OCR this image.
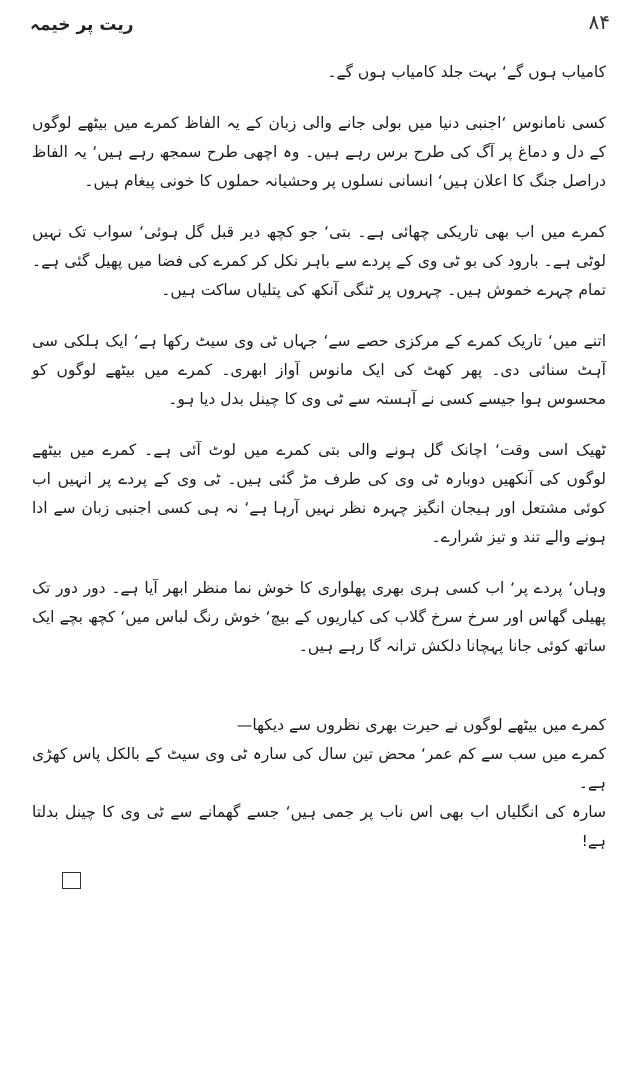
ریت پر خیمہ	۸۴

کامیاب ہوں گے‘ بہت جلد کامیاب ہوں گے۔

کسی نامانوس ‘اجنبی دنیا میں بولی جانے والی زبان کے یہ الفاظ کمرے میں بیٹھے لوگوں کے دل و دماغ پر آگ کی طرح برس رہے ہیں۔ وہ اچھی طرح سمجھ رہے ہیں‘ یہ الفاظ دراصل جنگ کا اعلان ہیں‘ انسانی نسلوں پر وحشیانہ حملوں کا خونی پیغام ہیں۔

کمرے میں اب بھی تاریکی چھائی ہے۔ بتی‘ جو کچھ دیر قبل گل ہوئی‘ سواب تک نہیں لوٹی ہے۔ بارود کی بو ٹی وی کے پردے سے باہر نکل کر کمرے کی فضا میں پھیل گئی ہے۔ تمام چہرے خموش ہیں۔ چہروں پر ٹنگی آنکھ کی پتلیاں ساکت ہیں۔

اتنے میں‘ تاریک کمرے کے مرکزی حصے سے‘ جہاں ٹی وی سیٹ رکھا ہے‘ ایک ہلکی سی آہٹ سنائی دی۔ پھر کھٹ کی ایک مانوس آواز ابھری۔ کمرے میں بیٹھے لوگوں کو محسوس ہوا جیسے کسی نے آہستہ سے ٹی وی کا چینل بدل دیا ہو۔

ٹھیک اسی وقت‘ اچانک گل ہونے والی بتی کمرے میں لوٹ آئی ہے۔ کمرے میں بیٹھے لوگوں کی آنکھیں دوبارہ ٹی وی کی طرف مڑ گئی ہیں۔ ٹی وی کے پردے پر انہیں اب کوئی مشتعل اور ہیجان انگیز چہرہ نظر نہیں آرہا ہے‘ نہ ہی کسی اجنبی زبان سے ادا ہونے والے تند و تیز شرارے۔

وہاں‘ پردے پر‘ اب کسی ہری بھری پھلواری کا خوش نما منظر ابھر آیا ہے۔ دور دور تک پھیلی گھاس اور سرخ سرخ گلاب کی کیاریوں کے بیچ‘ خوش رنگ لباس میں‘ کچھ بچے ایک ساتھ کوئی جانا پہچانا دلکش ترانہ گا رہے ہیں۔

کمرے میں بیٹھے لوگوں نے حیرت بھری نظروں سے دیکھا—

کمرے میں سب سے کم عمر‘ محض تین سال کی سارہ ٹی وی سیٹ کے بالکل پاس کھڑی ہے۔

سارہ کی انگلیاں اب بھی اس ناب پر جمی ہیں‘ جسے گھمانے سے ٹی وی کا چینل بدلتا ہے!
